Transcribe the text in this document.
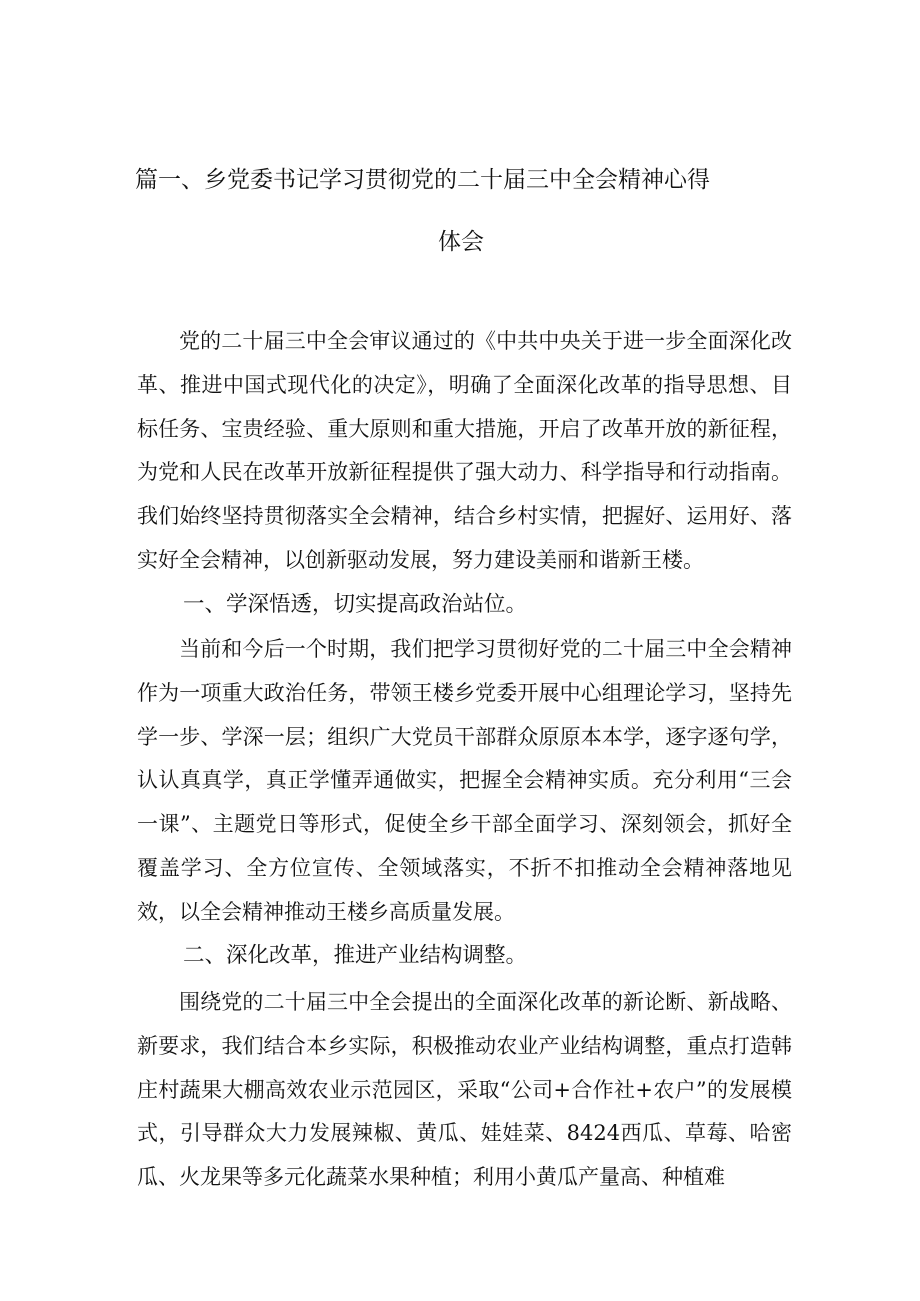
篇一、乡党委书记学习贯彻党的二十届三中全会精神心得
体会
党的二十届三中全会审议通过的《中共中央关于进一步全面深化改革、推进中国式现代化的决定》，明确了全面深化改革的指导思想、目标任务、宝贵经验、重大原则和重大措施，开启了改革开放的新征程，为党和人民在改革开放新征程提供了强大动力、科学指导和行动指南。我们始终坚持贯彻落实全会精神，结合乡村实情，把握好、运用好、落实好全会精神，以创新驱动发展，努力建设美丽和谐新王楼。
一、学深悟透，切实提高政治站位。
当前和今后一个时期，我们把学习贯彻好党的二十届三中全会精神作为一项重大政治任务，带领王楼乡党委开展中心组理论学习，坚持先学一步、学深一层；组织广大党员干部群众原原本本学，逐字逐句学，认认真真学，真正学懂弄通做实，把握全会精神实质。充分利用“三会一课”、主题党日等形式，促使全乡干部全面学习、深刻领会，抓好全覆盖学习、全方位宣传、全领域落实，不折不扣推动全会精神落地见效，以全会精神推动王楼乡高质量发展。
二、深化改革，推进产业结构调整。
围绕党的二十届三中全会提出的全面深化改革的新论断、新战略、新要求，我们结合本乡实际，积极推动农业产业结构调整，重点打造韩庄村蔬果大棚高效农业示范园区，采取“公司+合作社+农户”的发展模式，引导群众大力发展辣椒、黄瓜、娃娃菜、8424西瓜、草莓、哈密瓜、火龙果等多元化蔬菜水果种植；利用小黄瓜产量高、种植难
